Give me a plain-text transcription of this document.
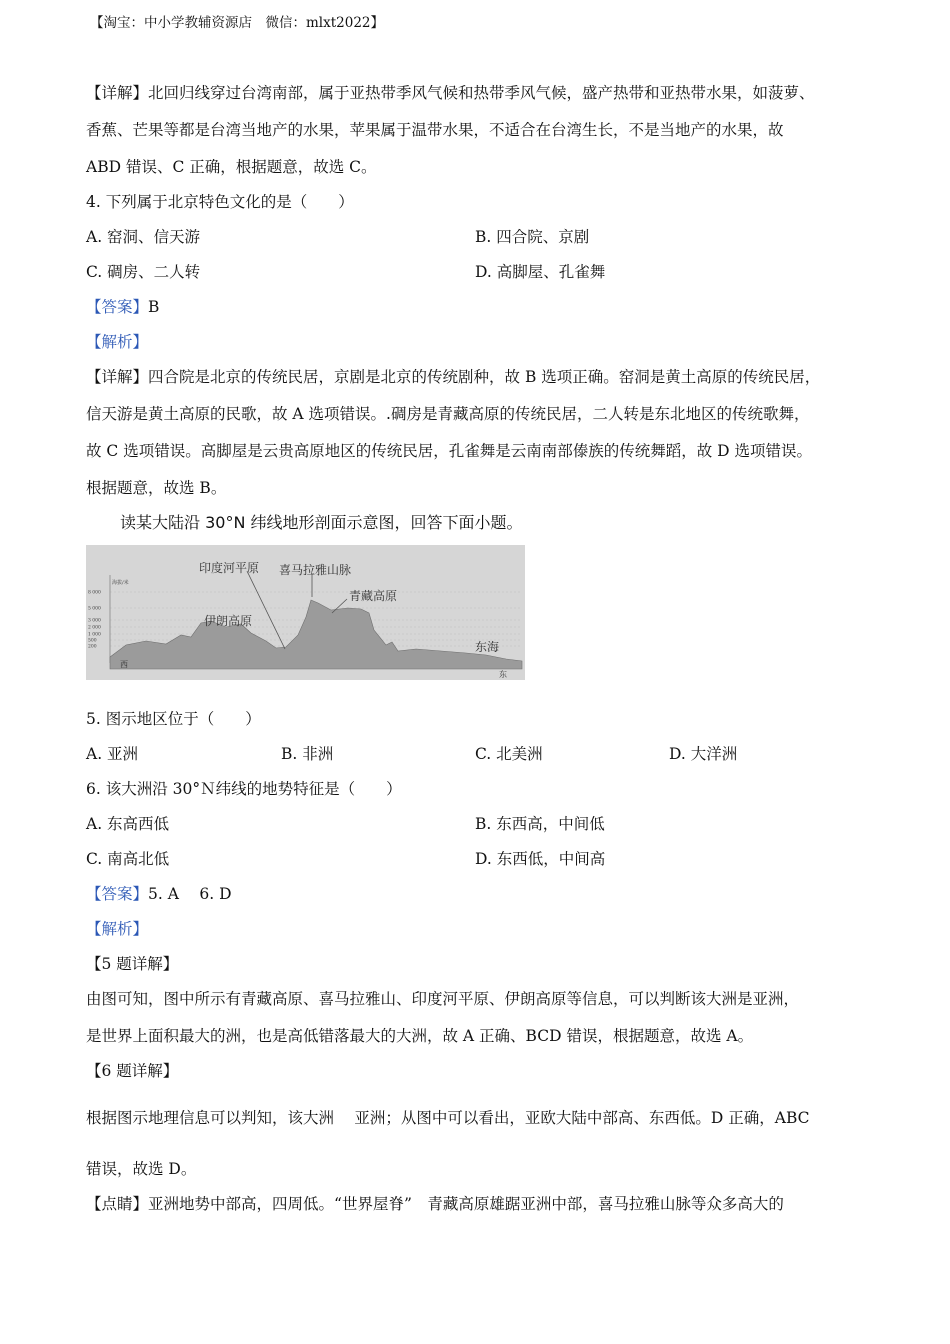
【淘宝：中小学教辅资源店　微信：mlxt2022】
【详解】北回归线穿过台湾南部，属于亚热带季风气候和热带季风气候，盛产热带和亚热带水果，如菠萝、
香蕉、芒果等都是台湾当地产的水果，苹果属于温带水果，不适合在台湾生长，不是当地产的水果，故
ABD 错误、C 正确，根据题意，故选 C。
4. 下列属于北京特色文化的是（　　）
A. 窑洞、信天游	B. 四合院、京剧
C. 碉房、二人转	D. 高脚屋、孔雀舞
【答案】B
【解析】
【详解】四合院是北京的传统民居，京剧是北京的传统剧种，故 B 选项正确。窑洞是黄土高原的传统民居，
信天游是黄土高原的民歌，故 A 选项错误。.碉房是青藏高原的传统民居，二人转是东北地区的传统歌舞，
故 C 选项错误。高脚屋是云贵高原地区的传统民居，孔雀舞是云南南部傣族的传统舞蹈，故 D 选项错误。
根据题意，故选 B。
读某大陆沿 30°N 纬线地形剖面示意图，回答下面小题。
西
东
海拔/米
印度河平原 喜马拉雅山脉
青藏高原
伊朗高原
东海
8 000
5 000
3 000
2 000
1 000
500
200
5. 图示地区位于（　　）
A. 亚洲	B. 非洲	C. 北美洲	D. 大洋洲
6. 该大洲沿 30°Ｎ纬线的地势特征是（　　）
A. 东高西低	B. 东西高，中间低
C. 南高北低	D. 东西低，中间高
【答案】5. A　 6. D
【解析】
【5 题详解】
由图可知，图中所示有青藏高原、喜马拉雅山、印度河平原、伊朗高原等信息，可以判断该大洲是亚洲，
是世界上面积最大的洲，也是高低错落最大的大洲，故 A 正确、BCD 错误，根据题意，故选 A。
【6 题详解】
根据图示地理信息可以判知，该大洲　 亚洲；从图中可以看出，亚欧大陆中部高、东西低。D 正确，ABC
错误，故选 D。
【点睛】亚洲地势中部高，四周低。“世界屋脊”　青藏高原雄踞亚洲中部，喜马拉雅山脉等众多高大的
